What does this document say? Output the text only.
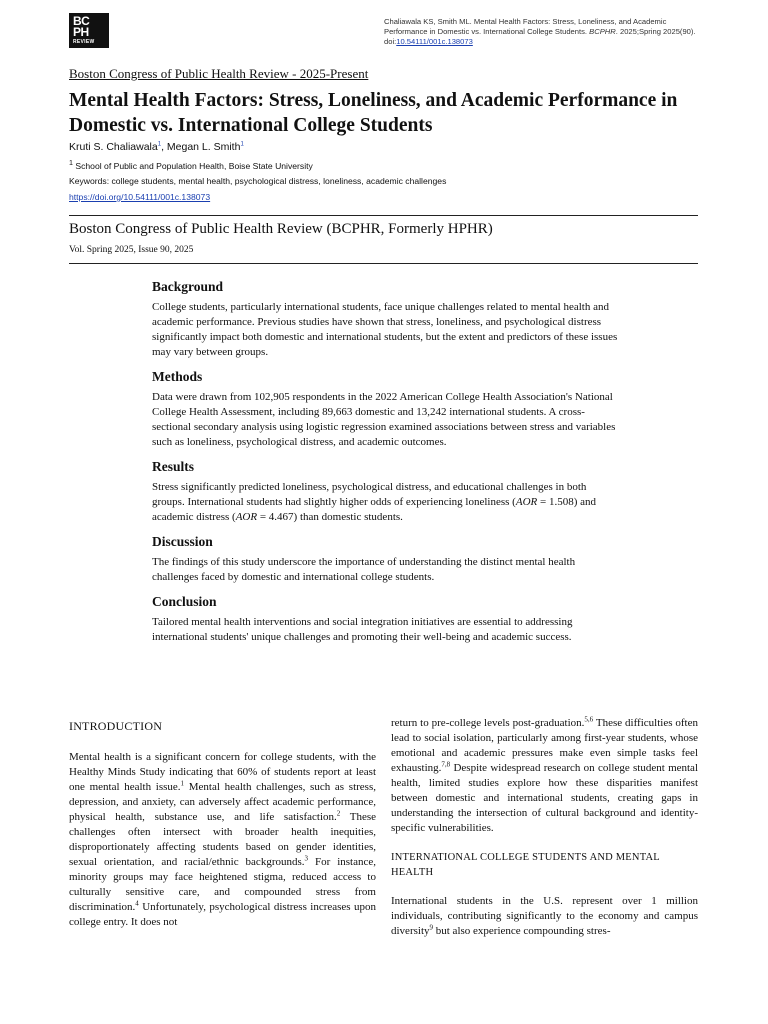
BC
PH
REVIEW
Chaliawala KS, Smith ML. Mental Health Factors: Stress, Loneliness, and Academic Performance in Domestic vs. International College Students. BCPHR. 2025;Spring 2025(90). doi:10.54111/001c.138073
Boston Congress of Public Health Review - 2025-Present
Mental Health Factors: Stress, Loneliness, and Academic Performance in Domestic vs. International College Students
Kruti S. Chaliawala$^1$, Megan L. Smith$^1$
$^1$ School of Public and Population Health, Boise State University
Keywords: college students, mental health, psychological distress, loneliness, academic challenges
https://doi.org/10.54111/001c.138073
Boston Congress of Public Health Review (BCPHR, Formerly HPHR)
Vol. Spring 2025, Issue 90, 2025
Background

College students, particularly international students, face unique challenges related to mental health and academic performance. Previous studies have shown that stress, loneliness, and psychological distress significantly impact both domestic and international students, but the extent and predictors of these issues may vary between groups.

Methods

Data were drawn from 102,905 respondents in the 2022 American College Health Association's National College Health Assessment, including 89,663 domestic and 13,242 international students. A cross-sectional secondary analysis using logistic regression examined associations between stress and variables such as loneliness, psychological distress, and academic outcomes.

Results

Stress significantly predicted loneliness, psychological distress, and educational challenges in both groups. International students had slightly higher odds of experiencing loneliness (AOR = 1.508) and academic distress (AOR = 4.467) than domestic students.

Discussion

The findings of this study underscore the importance of understanding the distinct mental health challenges faced by domestic and international college students.

Conclusion

Tailored mental health interventions and social integration initiatives are essential to addressing international students' unique challenges and promoting their well-being and academic success.

INTRODUCTION

Mental health is a significant concern for college students, with the Healthy Minds Study indicating that 60% of students report at least one mental health issue.$^1$ Mental health challenges, such as stress, depression, and anxiety, can adversely affect academic performance, physical health, substance use, and life satisfaction.$^2$ These challenges often intersect with broader health inequities, disproportionately affecting students based on gender identities, sexual orientation, and racial/ethnic backgrounds.$^3$ For instance, minority groups may face heightened stigma, reduced access to culturally sensitive care, and compounded stress from discrimination.$^4$ Unfortunately, psychological distress increases upon college entry. It does not

return to pre-college levels post-graduation.$^{5,6}$ These difficulties often lead to social isolation, particularly among first-year students, whose emotional and academic pressures make even simple tasks feel exhausting.$^{7,8}$ Despite widespread research on college student mental health, limited studies explore how these disparities manifest between domestic and international students, creating gaps in understanding the intersection of cultural background and identity-specific vulnerabilities.

INTERNATIONAL COLLEGE STUDENTS AND MENTAL HEALTH

International students in the U.S. represent over 1 million individuals, contributing significantly to the economy and campus diversity$^9$ but also experience compounding stres-
